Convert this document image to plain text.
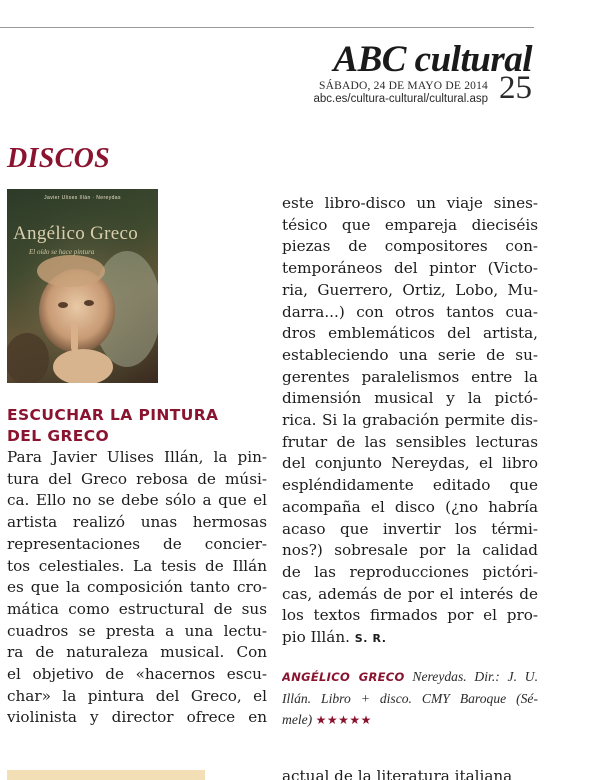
ABC cultural
SÁBADO, 24 DE MAYO DE 2014
abc.es/cultura-cultural/cultural.asp 25
DISCOS
Javier Ulises Illán · Nereydas
Angélico Greco
El oído se hace pintura
ESCUCHAR LA PINTURA
DEL GRECO
Para Javier Ulises Illán, la pin-
tura del Greco rebosa de músi-
ca. Ello no se debe sólo a que el
artista realizó unas hermosas
representaciones de concier-
tos celestiales. La tesis de Illán
es que la composición tanto cro-
mática como estructural de sus
cuadros se presta a una lectu-
ra de naturaleza musical. Con
el objetivo de «hacernos escu-
char» la pintura del Greco, el
violinista y director ofrece en
este libro-disco un viaje sines-
tésico que empareja dieciséis
piezas de compositores con-
temporáneos del pintor (Victo-
ria, Guerrero, Ortiz, Lobo, Mu-
darra...) con otros tantos cua-
dros emblemáticos del artista,
estableciendo una serie de su-
gerentes paralelismos entre la
dimensión musical y la pictó-
rica. Si la grabación permite dis-
frutar de las sensibles lecturas
del conjunto Nereydas, el libro
espléndidamente editado que
acompaña el disco (¿no habría
acaso que invertir los térmi-
nos?) sobresale por la calidad
de las reproducciones pictóri-
cas, además de por el interés de
los textos firmados por el pro-
pio Illán. S. R.
ANGÉLICO GRECO Nereydas. Dir.: J. U.
Illán. Libro + disco. CMY Baroque (Sé-
mele) ★★★★★
actual de la literatura italiana
